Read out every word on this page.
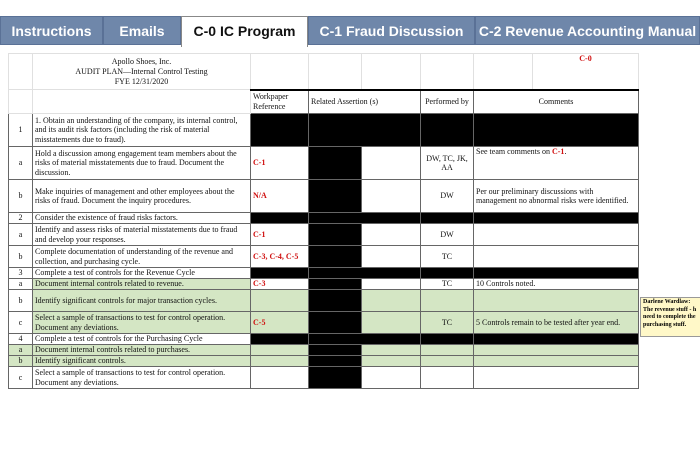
Instructions	Emails	C-0 IC Program	C-1 Fraud Discussion	C-2 Revenue Accounting Manual

	Apollo Shoes, Inc.
AUDIT PLAN—Internal Control Testing
FYE 12/31/2020						C-0
		Workpaper Reference	Related Assertion (s)		Performed by	Comments	
1	1. Obtain an understanding of the company, its internal control, and its audit risk factors (including the risk of material misstatements due to fraud).						
a	Hold a discussion among engagement team members about the risks of material misstatements due to fraud. Document the discussion.	C-1			DW, TC, JK, AA	See team comments on C-1.	
b	Make inquiries of management and other employees about the risks of fraud. Document the inquiry procedures.	N/A			DW	Per our preliminary discussions with management no abnormal risks were identified.	
2	Consider the existence of fraud risks factors.						
a	Identify and assess risks of material misstatements due to fraud and develop your responses.	C-1			DW		
b	Complete documentation of understanding of the revenue and collection, and purchasing cycle.	C-3, C-4, C-5			TC		
3	Complete a test of controls for the Revenue Cycle						
a	Document internal controls related to revenue.	C-3			TC	10 Controls noted.	
b	Identify significant controls for major transaction cycles.						
c	Select a sample of transactions to test for control operation. Document any deviations.	C-5			TC	5 Controls remain to be tested after year end.	
4	Complete a test of controls for the Purchasing Cycle						
a	Document internal controls related to purchases.						
b	Identify significant controls.						
c	Select a sample of transactions to test for control operation. Document any deviations.						
Darlene Wardlaw: The revenue stuff - h need to complete the purchasing stuff.
